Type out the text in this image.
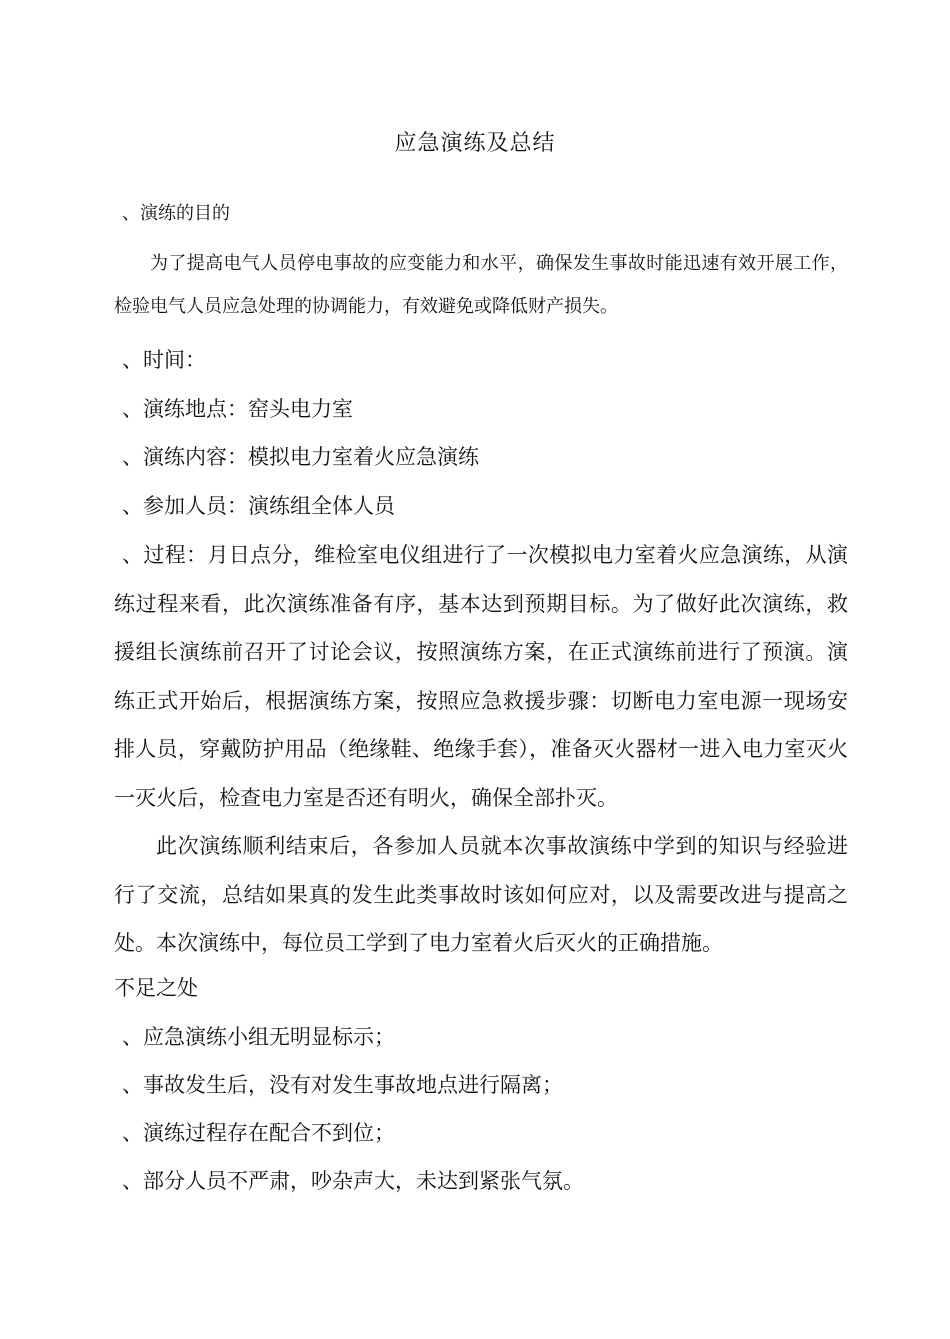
应急演练及总结
、演练的目的
为了提高电气人员停电事故的应变能力和水平，确保发生事故时能迅速有效开展工作，检验电气人员应急处理的协调能力，有效避免或降低财产损失。
、时间：
、演练地点：窑头电力室
、演练内容：模拟电力室着火应急演练
、参加人员：演练组全体人员
、过程：月日点分，维检室电仪组进行了一次模拟电力室着火应急演练，从演练过程来看，此次演练准备有序，基本达到预期目标。为了做好此次演练，救援组长演练前召开了讨论会议，按照演练方案，在正式演练前进行了预演。演练正式开始后，根据演练方案，按照应急救援步骤：切断电力室电源一现场安排人员，穿戴防护用品（绝缘鞋、绝缘手套），准备灭火器材一进入电力室灭火一灭火后，检查电力室是否还有明火，确保全部扑灭。
此次演练顺利结束后，各参加人员就本次事故演练中学到的知识与经验进行了交流，总结如果真的发生此类事故时该如何应对，以及需要改进与提高之处。本次演练中，每位员工学到了电力室着火后灭火的正确措施。
不足之处
、应急演练小组无明显标示；
、事故发生后，没有对发生事故地点进行隔离；
、演练过程存在配合不到位；
、部分人员不严肃，吵杂声大，未达到紧张气氛。
